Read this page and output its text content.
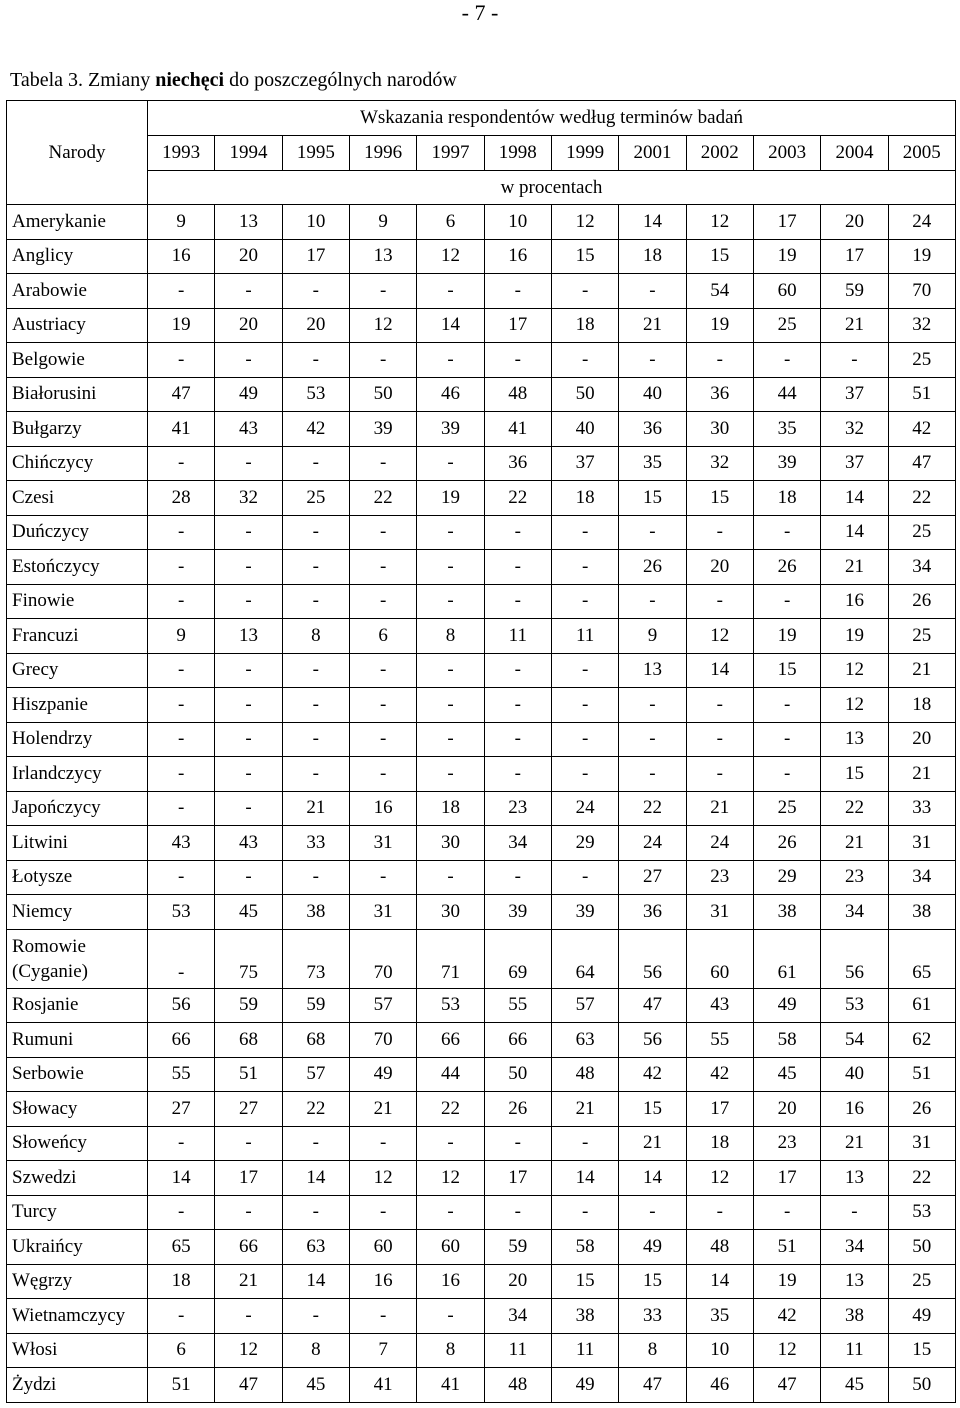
- 7 -
Tabela 3. Zmiany niechęci do poszczególnych narodów
Narody	Wskazania respondentów według terminów badań											
	1993	1994	1995	1996	1997	1998	1999	2001	2002	2003	2004	2005
	w procentach											
Amerykanie	9	13	10	9	6	10	12	14	12	17	20	24
Anglicy	16	20	17	13	12	16	15	18	15	19	17	19
Arabowie	-	-	-	-	-	-	-	-	54	60	59	70
Austriacy	19	20	20	12	14	17	18	21	19	25	21	32
Belgowie	-	-	-	-	-	-	-	-	-	-	-	25
Białorusini	47	49	53	50	46	48	50	40	36	44	37	51
Bułgarzy	41	43	42	39	39	41	40	36	30	35	32	42
Chińczycy	-	-	-	-	-	36	37	35	32	39	37	47
Czesi	28	32	25	22	19	22	18	15	15	18	14	22
Duńczycy	-	-	-	-	-	-	-	-	-	-	14	25
Estończycy	-	-	-	-	-	-	-	26	20	26	21	34
Finowie	-	-	-	-	-	-	-	-	-	-	16	26
Francuzi	9	13	8	6	8	11	11	9	12	19	19	25
Grecy	-	-	-	-	-	-	-	13	14	15	12	21
Hiszpanie	-	-	-	-	-	-	-	-	-	-	12	18
Holendrzy	-	-	-	-	-	-	-	-	-	-	13	20
Irlandczycy	-	-	-	-	-	-	-	-	-	-	15	21
Japończycy	-	-	21	16	18	23	24	22	21	25	22	33
Litwini	43	43	33	31	30	34	29	24	24	26	21	31
Łotysze	-	-	-	-	-	-	-	27	23	29	23	34
Niemcy	53	45	38	31	30	39	39	36	31	38	34	38
Romowie
(Cyganie)	-	75	73	70	71	69	64	56	60	61	56	65
Rosjanie	56	59	59	57	53	55	57	47	43	49	53	61
Rumuni	66	68	68	70	66	66	63	56	55	58	54	62
Serbowie	55	51	57	49	44	50	48	42	42	45	40	51
Słowacy	27	27	22	21	22	26	21	15	17	20	16	26
Słoweńcy	-	-	-	-	-	-	-	21	18	23	21	31
Szwedzi	14	17	14	12	12	17	14	14	12	17	13	22
Turcy	-	-	-	-	-	-	-	-	-	-	-	53
Ukraińcy	65	66	63	60	60	59	58	49	48	51	34	50
Węgrzy	18	21	14	16	16	20	15	15	14	19	13	25
Wietnamczycy	-	-	-	-	-	34	38	33	35	42	38	49
Włosi	6	12	8	7	8	11	11	8	10	12	11	15
Żydzi	51	47	45	41	41	48	49	47	46	47	45	50
